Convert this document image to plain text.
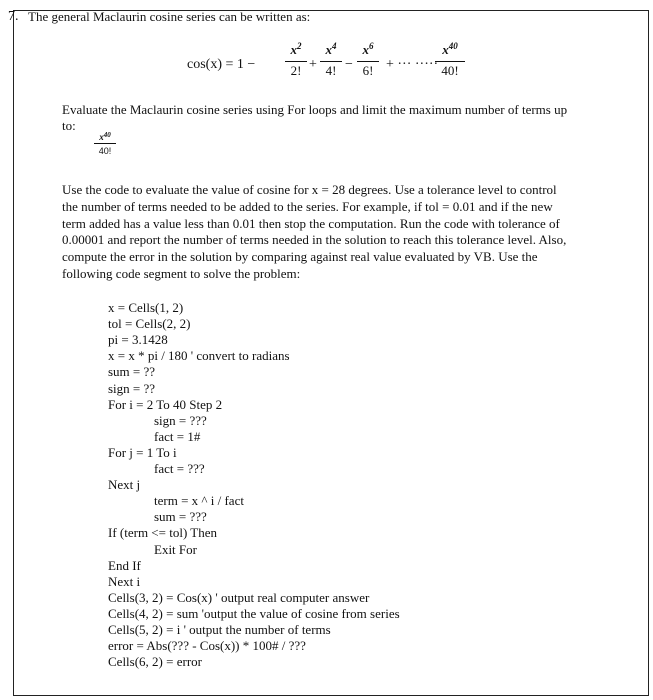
7. The general Maclaurin cosine series can be written as:
cos(x) = 1 −
$x^2$
2! +
$x^4$
4! −
$x^6$
6! + ··· ·····
$x^{40}$
40!
Evaluate the Maclaurin cosine series using For loops and limit the maximum number of terms up
to:
$x^{40}$
40!
Use the code to evaluate the value of cosine for x = 28 degrees. Use a tolerance level to control
the number of terms needed to be added to the series. For example, if tol = 0.01 and if the new
term added has a value less than 0.01 then stop the computation. Run the code with tolerance of
0.00001 and report the number of terms needed in the solution to reach this tolerance level. Also,
compute the error in the solution by comparing against real value evaluated by VB. Use the
following code segment to solve the problem:
x = Cells(1, 2)
tol = Cells(2, 2)
pi = 3.1428
x = x * pi / 180 ' convert to radians
sum = ??
sign = ??
For i = 2 To 40 Step 2
sign = ???
fact = 1#
For j = 1 To i
fact = ???
Next j
term = x ^ i / fact
sum = ???
If (term <= tol) Then
Exit For
End If
Next i
Cells(3, 2) = Cos(x) ' output real computer answer
Cells(4, 2) = sum 'output the value of cosine from series
Cells(5, 2) = i ' output the number of terms
error = Abs(??? - Cos(x)) * 100# / ???
Cells(6, 2) = error
